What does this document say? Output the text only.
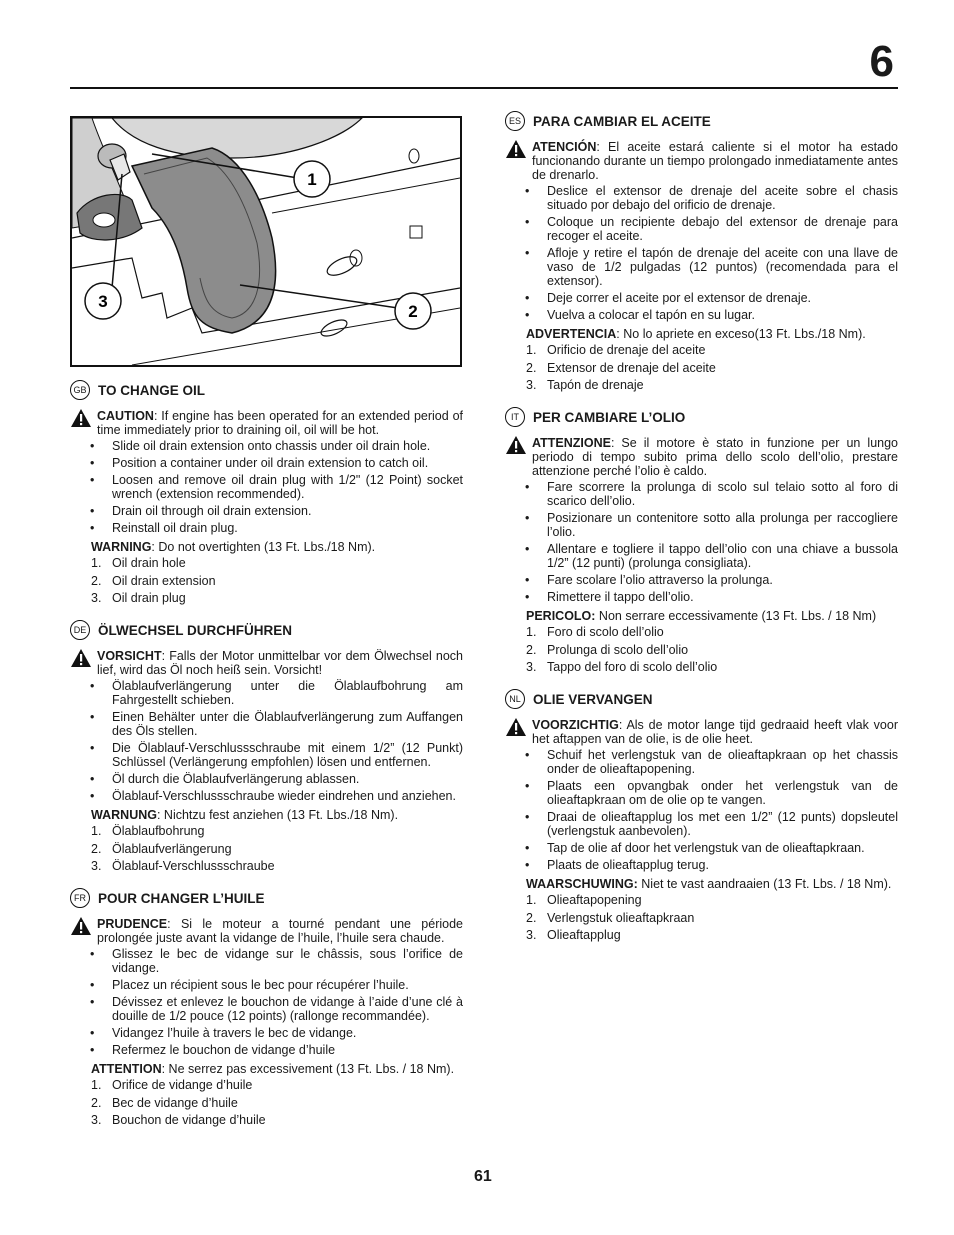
6
1
2
3
GB TO CHANGE OIL
CAUTION: If engine has been operated for an extended period of time immediately prior to draining oil, oil will be hot.
• Slide oil drain extension onto chassis under oil drain hole.
• Position a container under oil drain extension to catch oil.
• Loosen and remove oil drain plug with 1/2" (12 Point) socket wrench (extension recommended).
• Drain oil through oil drain extension.
• Reinstall oil drain plug.
WARNING: Do not overtighten (13 Ft. Lbs./18 Nm).
1. Oil drain hole
2. Oil drain extension
3. Oil drain plug
DE ÖLWECHSEL DURCHFÜHREN
VORSICHT: Falls der Motor unmittelbar vor dem Ölwechsel noch lief, wird das Öl noch heiß sein. Vorsicht!
• Ölablaufverlängerung unter die Ölablaufbohrung am Fahrgestellt schieben.
• Einen Behälter unter die Ölablaufverlängerung zum Auffangen des Öls stellen.
• Die Ölablauf-Verschlussschraube mit einem 1/2” (12 Punkt) Schlüssel (Verlängerung empfohlen) lösen und entfernen.
• Öl durch die Ölablaufverlängerung ablassen.
• Ölablauf-Verschlussschraube wieder eindrehen und anziehen.
WARNUNG: Nichtzu fest anziehen (13 Ft. Lbs./18 Nm).
1. Ölablaufbohrung
2. Ölablaufverlängerung
3. Ölablauf-Verschlussschraube
FR POUR CHANGER L’HUILE
PRUDENCE: Si le moteur a tourné pendant une période prolongée juste avant la vidange de l’huile, l’huile sera chaude.
• Glissez le bec de vidange sur le châssis, sous l’orifice de vidange.
• Placez un récipient sous le bec pour récupérer l’huile.
• Dévissez et enlevez le bouchon de vidange à l’aide d’une clé à douille de 1/2 pouce (12 points) (rallonge recommandée).
• Vidangez l’huile à travers le bec de vidange.
• Refermez le bouchon de vidange d’huile
ATTENTION: Ne serrez pas excessivement (13 Ft. Lbs. / 18 Nm).
1. Orifice de vidange d’huile
2. Bec de vidange d’huile
3. Bouchon de vidange d’huile
ES PARA CAMBIAR EL ACEITE
ATENCIÓN: El aceite estará caliente si el motor ha estado funcionando durante un tiempo prolongado inmediatamente antes de drenarlo.
• Deslice el extensor de drenaje del aceite sobre el chasis situado por debajo del orificio de drenaje.
• Coloque un recipiente debajo del extensor de drenaje para recoger el aceite.
• Afloje y retire el tapón de drenaje del aceite con una llave de vaso de 1/2 pulgadas (12 puntos) (recomendada para el extensor).
• Deje correr el aceite por el extensor de drenaje.
• Vuelva a colocar el tapón en su lugar.
ADVERTENCIA: No lo apriete en exceso(13 Ft. Lbs./18 Nm).
1. Orificio de drenaje del aceite
2. Extensor de drenaje del aceite
3. Tapón de drenaje
IT	PER CAMBIARE L’OLIO
ATTENZIONE: Se il motore è stato in funzione per un lungo periodo di tempo subito prima dello scolo dell’olio, prestare attenzione perché l’olio è caldo.
• Fare scorrere la prolunga di scolo sul telaio sotto al foro di scarico dell’olio.
• Posizionare un contenitore sotto alla prolunga per raccogliere l’olio.
• Allentare e togliere il tappo dell’olio con una chiave a bussola 1/2” (12 punti) (prolunga consigliata).
• Fare scolare l’olio attraverso la prolunga.
• Rimettere il tappo dell’olio.
PERICOLO: Non serrare eccessivamente (13 Ft. Lbs. / 18 Nm)
1. Foro di scolo dell’olio
2. Prolunga di scolo dell’olio
3. Tappo del foro di scolo dell’olio
NL OLIE VERVANGEN
VOORZICHTIG: Als de motor lange tijd gedraaid heeft vlak voor het aftappen van de olie, is de olie heet.
• Schuif het verlengstuk van de olieaftapkraan op het chassis onder de olieaftapopening.
• Plaats een opvangbak onder het verlengstuk van de olieaftapkraan om de olie op te vangen.
• Draai de olieaftapplug los met een 1/2” (12 punts) dopsleutel (verlengstuk aanbevolen).
• Tap de olie af door het verlengstuk van de olieaftapkraan.
• Plaats de olieaftapplug terug.
WAARSCHUWING: Niet te vast aandraaien (13 Ft. Lbs. / 18 Nm).
1. Olieaftapopening
2. Verlengstuk olieaftapkraan
3. Olieaftapplug
61
